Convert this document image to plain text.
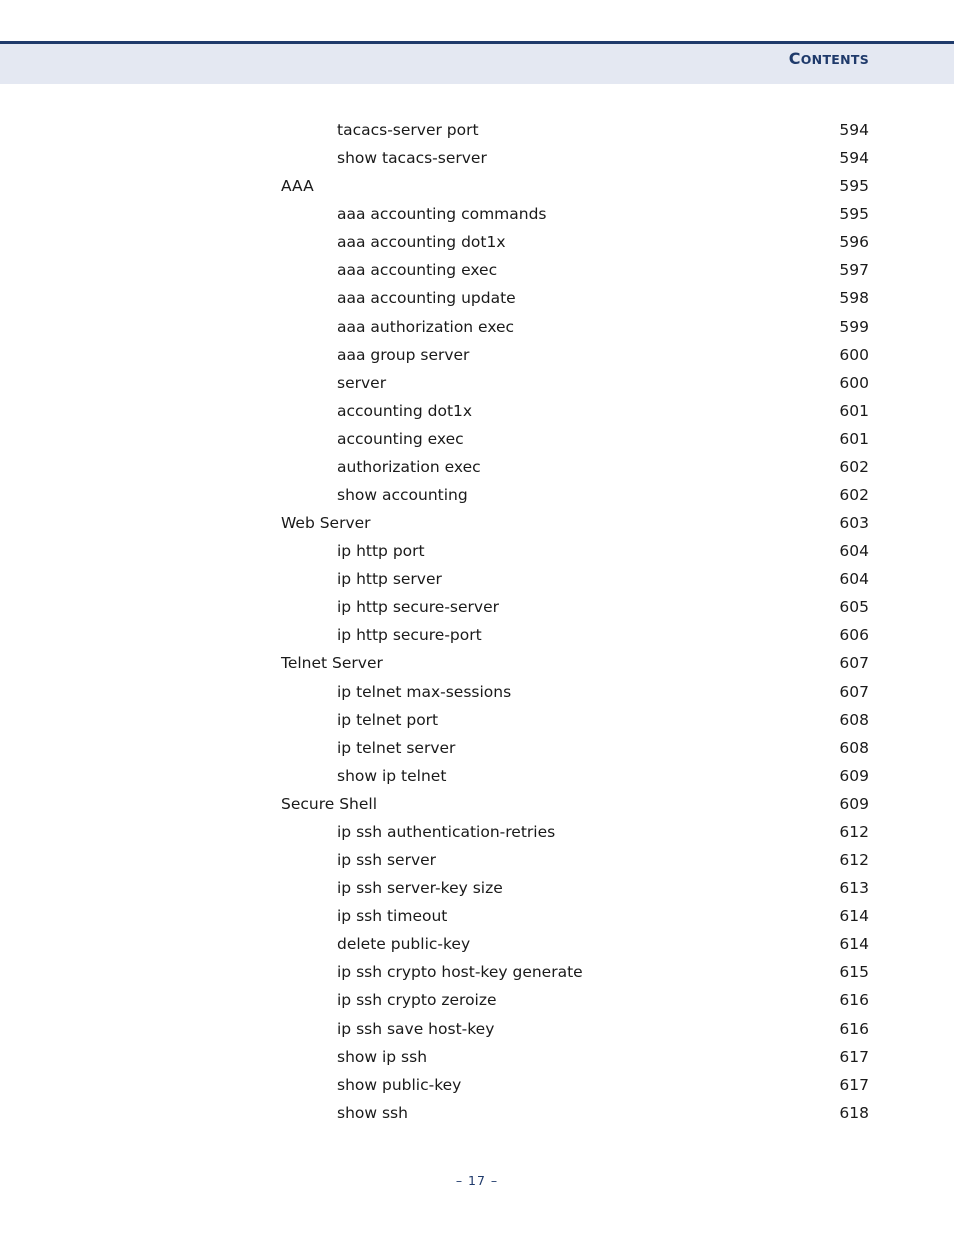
CONTENTS
tacacs-server port	594
show tacacs-server	594
AAA	595
aaa accounting commands	595
aaa accounting dot1x	596
aaa accounting exec	597
aaa accounting update	598
aaa authorization exec	599
aaa group server	600
server	600
accounting dot1x	601
accounting exec	601
authorization exec	602
show accounting	602
Web Server	603
ip http port	604
ip http server	604
ip http secure-server	605
ip http secure-port	606
Telnet Server	607
ip telnet max-sessions	607
ip telnet port	608
ip telnet server	608
show ip telnet	609
Secure Shell	609
ip ssh authentication-retries	612
ip ssh server	612
ip ssh server-key size	613
ip ssh timeout	614
delete public-key	614
ip ssh crypto host-key generate	615
ip ssh crypto zeroize	616
ip ssh save host-key	616
show ip ssh	617
show public-key	617
show ssh	618
– 17 –
